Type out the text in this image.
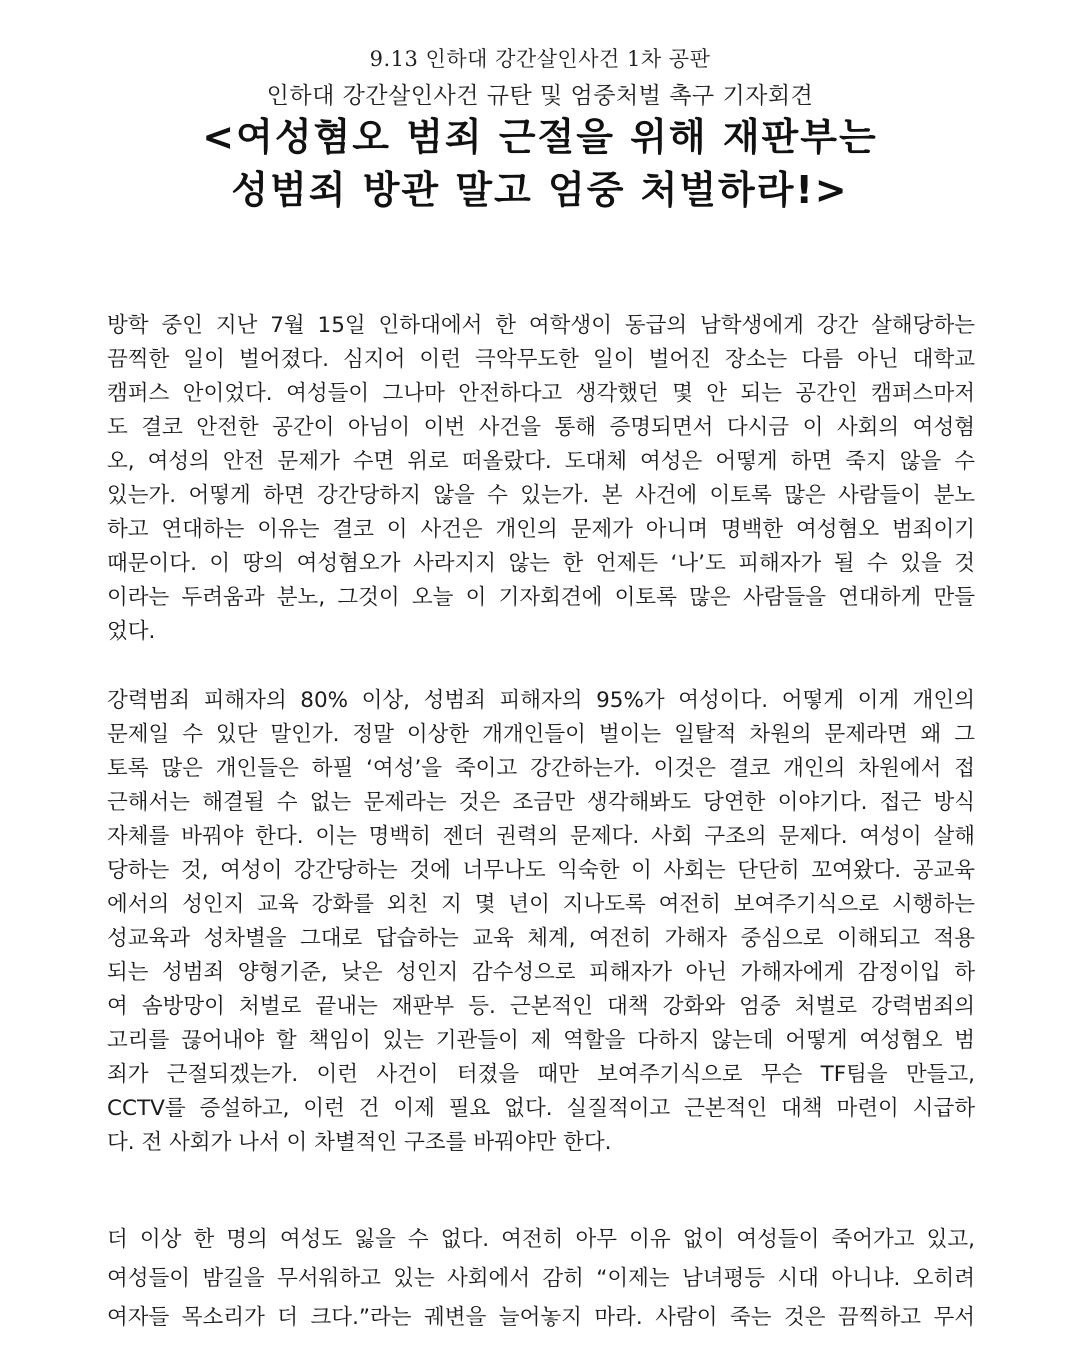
9.13 인하대 강간살인사건 1차 공판
인하대 강간살인사건 규탄 및 엄중처벌 촉구 기자회견
<여성혐오 범죄 근절을 위해 재판부는
성범죄 방관 말고 엄중 처벌하라!>
방학 중인 지난 7월 15일 인하대에서 한 여학생이 동급의 남학생에게 강간 살해당하는
끔찍한 일이 벌어졌다. 심지어 이런 극악무도한 일이 벌어진 장소는 다름 아닌 대학교
캠퍼스 안이었다. 여성들이 그나마 안전하다고 생각했던 몇 안 되는 공간인 캠퍼스마저
도 결코 안전한 공간이 아님이 이번 사건을 통해 증명되면서 다시금 이 사회의 여성혐
오, 여성의 안전 문제가 수면 위로 떠올랐다. 도대체 여성은 어떻게 하면 죽지 않을 수
있는가. 어떻게 하면 강간당하지 않을 수 있는가. 본 사건에 이토록 많은 사람들이 분노
하고 연대하는 이유는 결코 이 사건은 개인의 문제가 아니며 명백한 여성혐오 범죄이기
때문이다. 이 땅의 여성혐오가 사라지지 않는 한 언제든 ‘나’도 피해자가 될 수 있을 것
이라는 두려움과 분노, 그것이 오늘 이 기자회견에 이토록 많은 사람들을 연대하게 만들
었다.
강력범죄 피해자의 80% 이상, 성범죄 피해자의 95%가 여성이다. 어떻게 이게 개인의
문제일 수 있단 말인가. 정말 이상한 개개인들이 벌이는 일탈적 차원의 문제라면 왜 그
토록 많은 개인들은 하필 ‘여성’을 죽이고 강간하는가. 이것은 결코 개인의 차원에서 접
근해서는 해결될 수 없는 문제라는 것은 조금만 생각해봐도 당연한 이야기다. 접근 방식
자체를 바꿔야 한다. 이는 명백히 젠더 권력의 문제다. 사회 구조의 문제다. 여성이 살해
당하는 것, 여성이 강간당하는 것에 너무나도 익숙한 이 사회는 단단히 꼬여왔다. 공교육
에서의 성인지 교육 강화를 외친 지 몇 년이 지나도록 여전히 보여주기식으로 시행하는
성교육과 성차별을 그대로 답습하는 교육 체계, 여전히 가해자 중심으로 이해되고 적용
되는 성범죄 양형기준, 낮은 성인지 감수성으로 피해자가 아닌 가해자에게 감정이입 하
여 솜방망이 처벌로 끝내는 재판부 등. 근본적인 대책 강화와 엄중 처벌로 강력범죄의
고리를 끊어내야 할 책임이 있는 기관들이 제 역할을 다하지 않는데 어떻게 여성혐오 범
죄가 근절되겠는가. 이런 사건이 터졌을 때만 보여주기식으로 무슨 TF팀을 만들고,
CCTV를 증설하고, 이런 건 이제 필요 없다. 실질적이고 근본적인 대책 마련이 시급하
다. 전 사회가 나서 이 차별적인 구조를 바꿔야만 한다.
더 이상 한 명의 여성도 잃을 수 없다. 여전히 아무 이유 없이 여성들이 죽어가고 있고,
여성들이 밤길을 무서워하고 있는 사회에서 감히 “이제는 남녀평등 시대 아니냐. 오히려
여자들 목소리가 더 크다.”라는 궤변을 늘어놓지 마라. 사람이 죽는 것은 끔찍하고 무서
